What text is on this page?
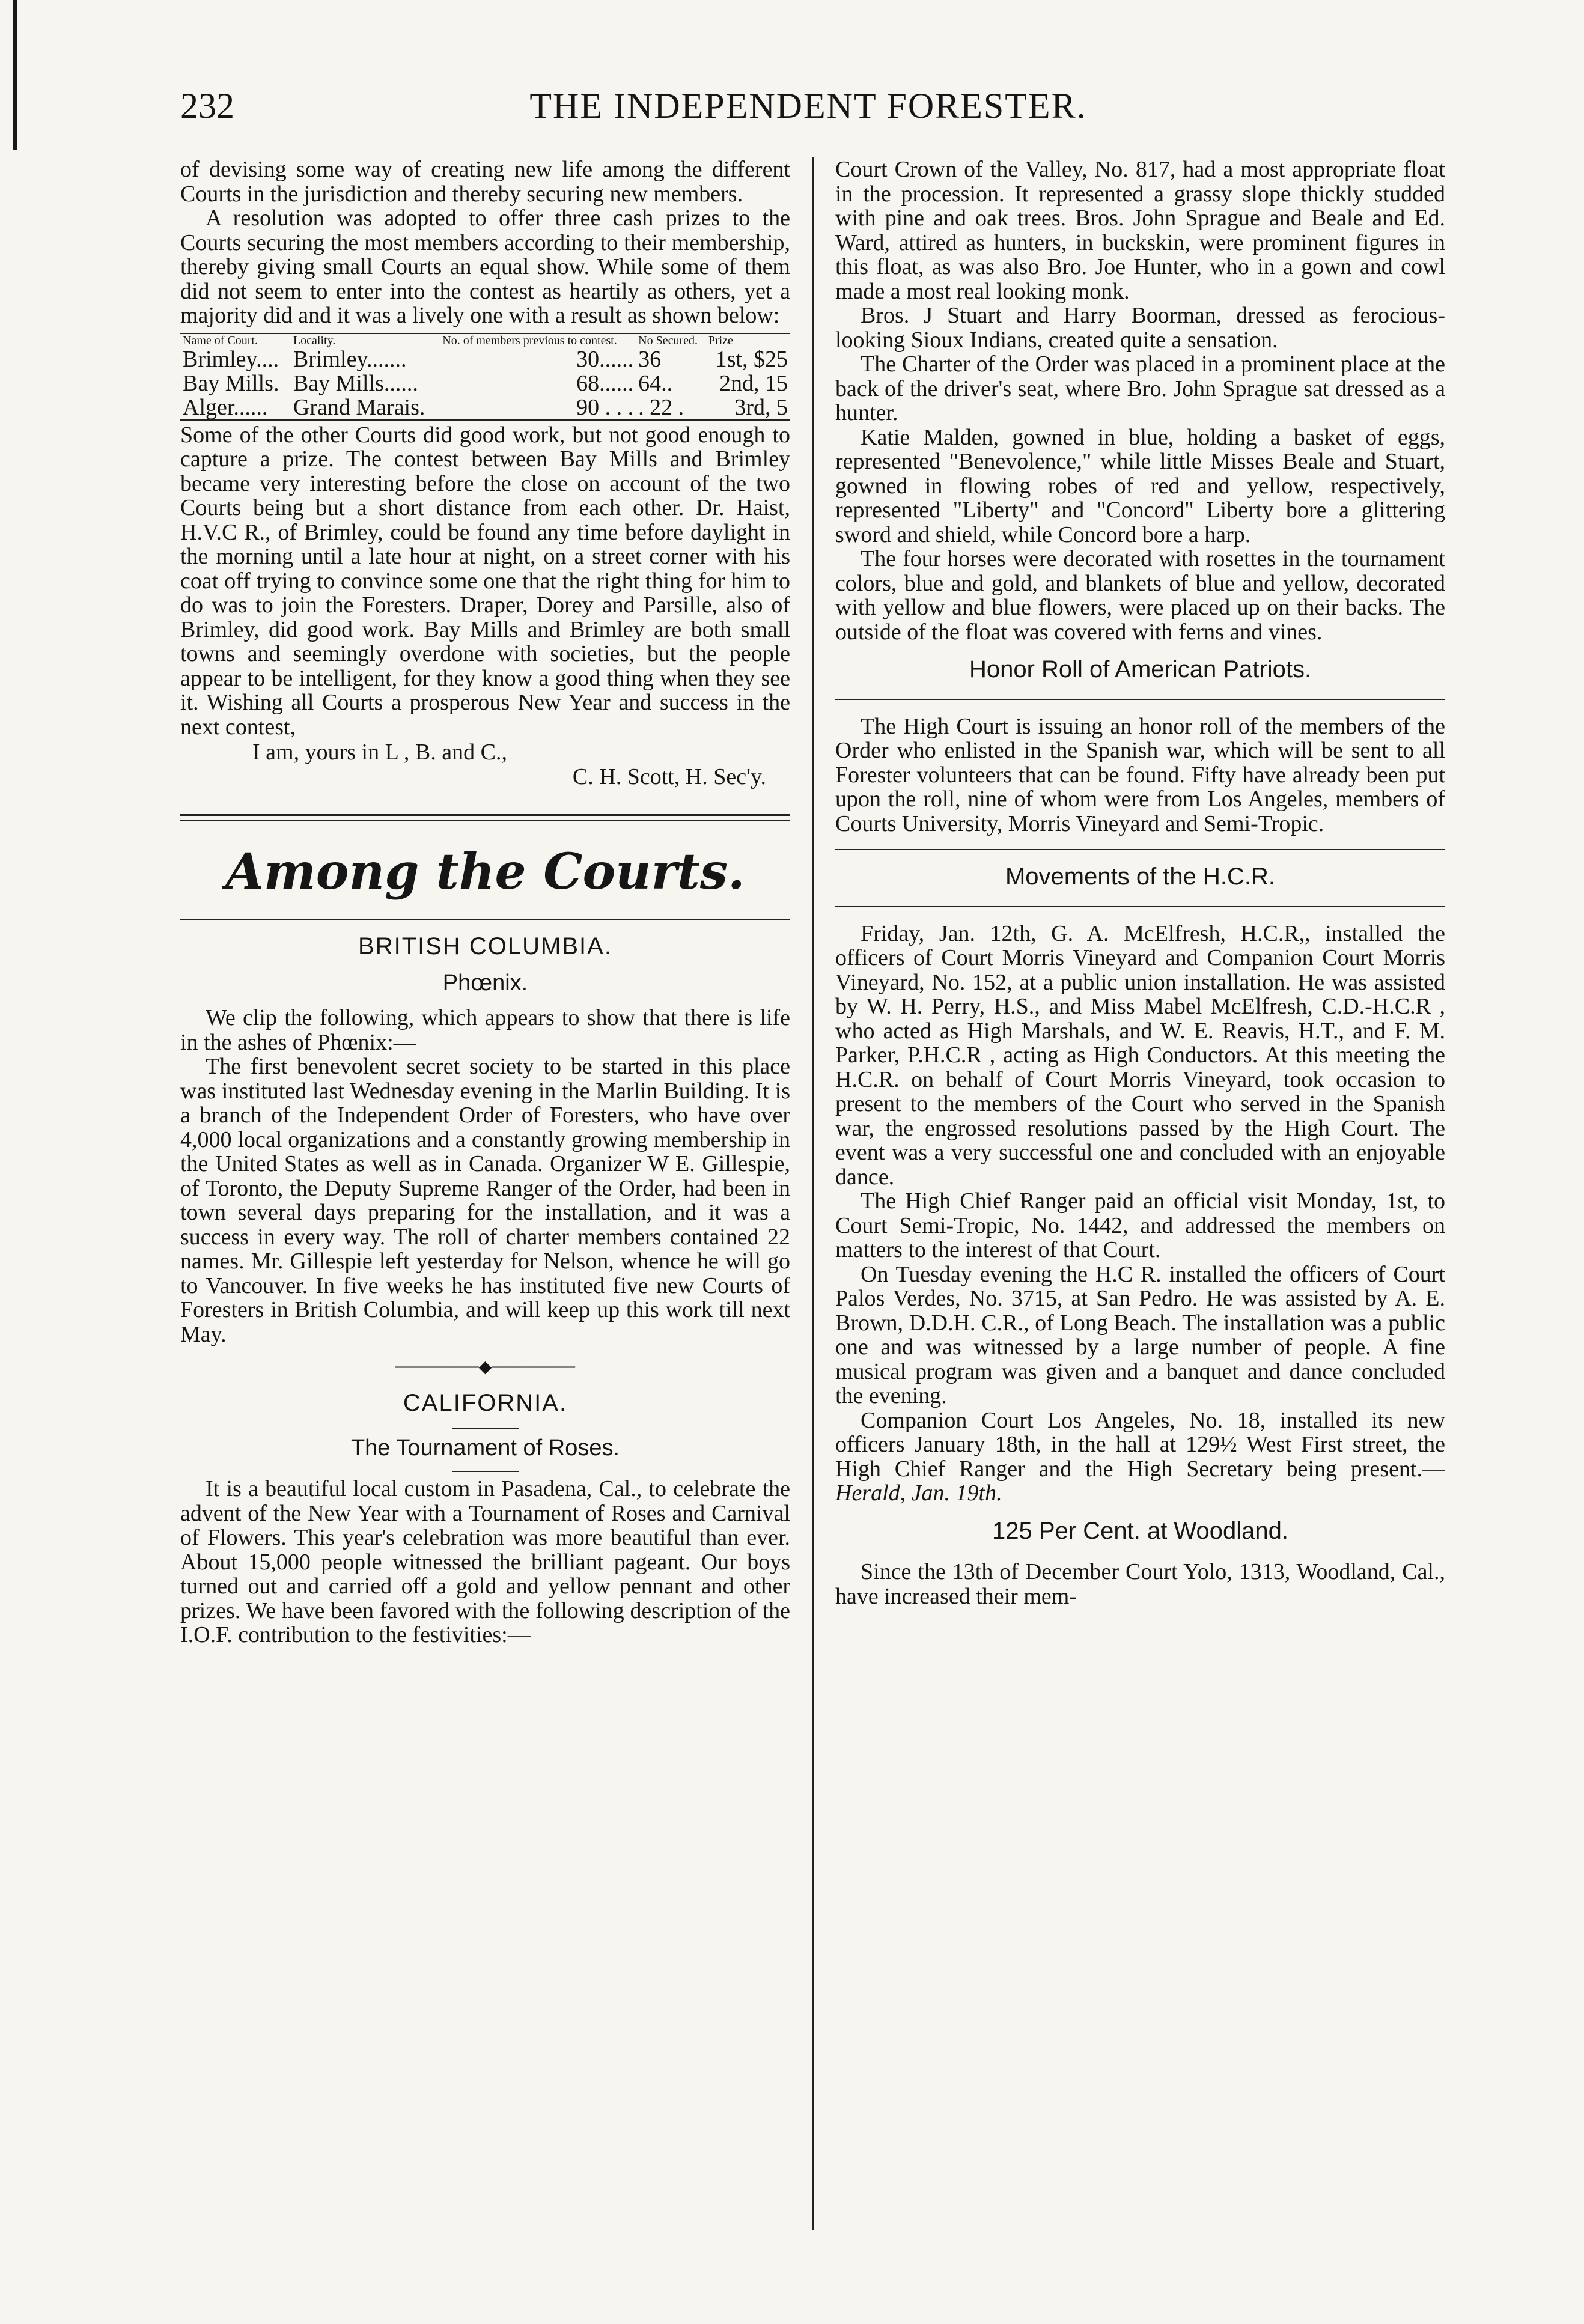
232	THE INDEPENDENT FORESTER.

of devising some way of creating new life among the different Courts in the jurisdiction and thereby securing new members.

A resolution was adopted to offer three cash prizes to the Courts securing the most members according to their membership, thereby giving small Courts an equal show. While some of them did not seem to enter into the contest as heartily as others, yet a majority did and it was a lively one with a result as shown below:

Name of Court.	Locality.	No. of members previous to contest.	No Secured.	Prize
Brimley....	Brimley.......	30......	36	1st, $25
Bay Mills.	Bay Mills......	68......	64..	2nd, 15
Alger......	Grand Marais.	90 . . .	. 22 .	3rd, 5

Some of the other Courts did good work, but not good enough to capture a prize. The contest between Bay Mills and Brimley became very interesting before the close on account of the two Courts being but a short distance from each other. Dr. Haist, H.V.C R., of Brimley, could be found any time before daylight in the morning until a late hour at night, on a street corner with his coat off trying to convince some one that the right thing for him to do was to join the Foresters. Draper, Dorey and Parsille, also of Brimley, did good work. Bay Mills and Brimley are both small towns and seemingly overdone with societies, but the people appear to be intelligent, for they know a good thing when they see it. Wishing all Courts a prosperous New Year and success in the next contest,

I am, yours in L , B. and C.,

C. H. Scott, H. Sec'y.

Among the Courts.
BRITISH COLUMBIA.
Phœnix.

We clip the following, which appears to show that there is life in the ashes of Phœnix:—

The first benevolent secret society to be started in this place was instituted last Wednesday evening in the Marlin Building. It is a branch of the Independent Order of Foresters, who have over 4,000 local organizations and a constantly growing membership in the United States as well as in Canada. Organizer W E. Gillespie, of Toronto, the Deputy Supreme Ranger of the Order, had been in town several days preparing for the installation, and it was a success in every way. The roll of charter members contained 22 names. Mr. Gillespie left yesterday for Nelson, whence he will go to Vancouver. In five weeks he has instituted five new Courts of Foresters in British Columbia, and will keep up this work till next May.

───────◆───────
CALIFORNIA.
The Tournament of Roses.

It is a beautiful local custom in Pasadena, Cal., to celebrate the advent of the New Year with a Tournament of Roses and Carnival of Flowers. This year's celebration was more beautiful than ever. About 15,000 people witnessed the brilliant pageant. Our boys turned out and carried off a gold and yellow pennant and other prizes. We have been favored with the following description of the I.O.F. contribution to the festivities:—

Court Crown of the Valley, No. 817, had a most appropriate float in the procession. It represented a grassy slope thickly studded with pine and oak trees. Bros. John Sprague and Beale and Ed. Ward, attired as hunters, in buckskin, were prominent figures in this float, as was also Bro. Joe Hunter, who in a gown and cowl made a most real looking monk.

Bros. J Stuart and Harry Boorman, dressed as ferocious-looking Sioux Indians, created quite a sensation.

The Charter of the Order was placed in a prominent place at the back of the driver's seat, where Bro. John Sprague sat dressed as a hunter.

Katie Malden, gowned in blue, holding a basket of eggs, represented "Benevolence," while little Misses Beale and Stuart, gowned in flowing robes of red and yellow, respectively, represented "Liberty" and "Concord" Liberty bore a glittering sword and shield, while Concord bore a harp.

The four horses were decorated with rosettes in the tournament colors, blue and gold, and blankets of blue and yellow, decorated with yellow and blue flowers, were placed up on their backs. The outside of the float was covered with ferns and vines.

Honor Roll of American Patriots.

The High Court is issuing an honor roll of the members of the Order who enlisted in the Spanish war, which will be sent to all Forester volunteers that can be found. Fifty have already been put upon the roll, nine of whom were from Los Angeles, members of Courts University, Morris Vineyard and Semi-Tropic.

Movements of the H.C.R.

Friday, Jan. 12th, G. A. McElfresh, H.C.R,, installed the officers of Court Morris Vineyard and Companion Court Morris Vineyard, No. 152, at a public union installation. He was assisted by W. H. Perry, H.S., and Miss Mabel McElfresh, C.D.-H.C.R , who acted as High Marshals, and W. E. Reavis, H.T., and F. M. Parker, P.H.C.R , acting as High Conductors. At this meeting the H.C.R. on behalf of Court Morris Vineyard, took occasion to present to the members of the Court who served in the Spanish war, the engrossed resolutions passed by the High Court. The event was a very successful one and concluded with an enjoyable dance.

The High Chief Ranger paid an official visit Monday, 1st, to Court Semi-Tropic, No. 1442, and addressed the members on matters to the interest of that Court.

On Tuesday evening the H.C R. installed the officers of Court Palos Verdes, No. 3715, at San Pedro. He was assisted by A. E. Brown, D.D.H. C.R., of Long Beach. The installation was a public one and was witnessed by a large number of people. A fine musical program was given and a banquet and dance concluded the evening.

Companion Court Los Angeles, No. 18, installed its new officers January 18th, in the hall at 129½ West First street, the High Chief Ranger and the High Secretary being present.—Herald, Jan. 19th.

125 Per Cent. at Woodland.

Since the 13th of December Court Yolo, 1313, Woodland, Cal., have increased their mem-
